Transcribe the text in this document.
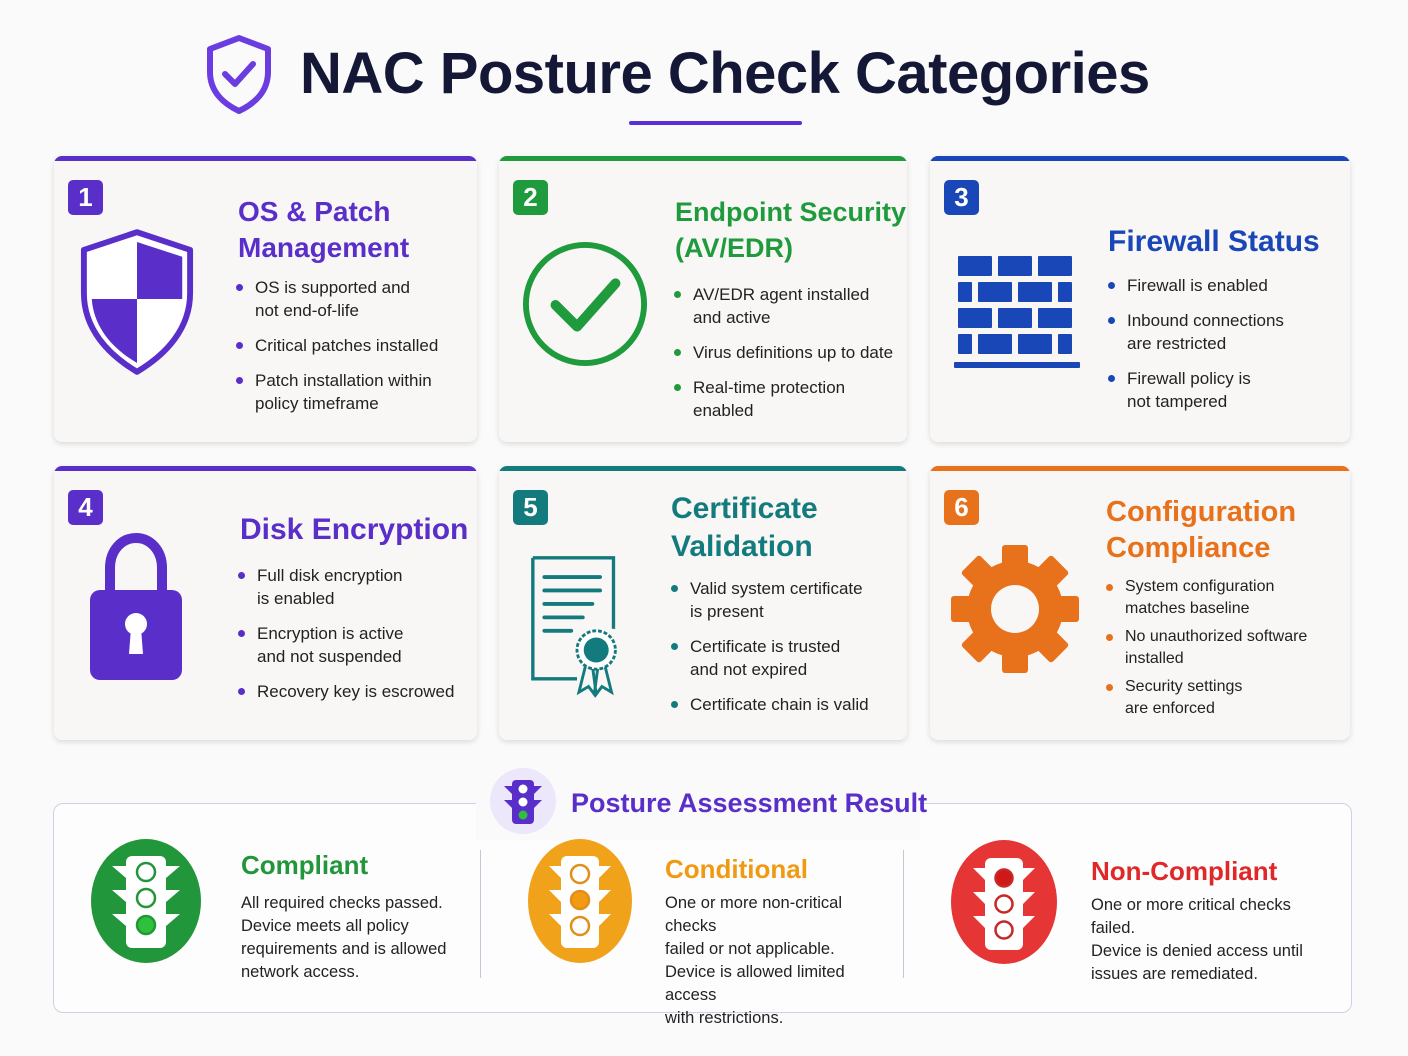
NAC Posture Check Categories
1	OS & Patch
Management
OS is supported and
not end-of-life
Critical patches installed
Patch installation within
policy timeframe
2	Endpoint Security
(AV/EDR)
AV/EDR agent installed
and active
Virus definitions up to date
Real-time protection enabled
3
Firewall Status
Firewall is enabled
Inbound connections
are restricted
Firewall policy is
not tampered
4
Disk Encryption
Full disk encryption
is enabled
Encryption is active
and not suspended
Recovery key is escrowed
5	Certificate
Validation
Valid system certificate
is present
Certificate is trusted
and not expired
Certificate chain is valid
6	Configuration
Compliance
System configuration
matches baseline
No unauthorized software
installed
Security settings
are enforced
Posture Assessment Result
Compliant
All required checks passed.
Device meets all policy
requirements and is allowed
network access.
Conditional
One or more non-critical checks
failed or not applicable.
Device is allowed limited access
with restrictions.
Non-Compliant
One or more critical checks
failed.
Device is denied access until
issues are remediated.
